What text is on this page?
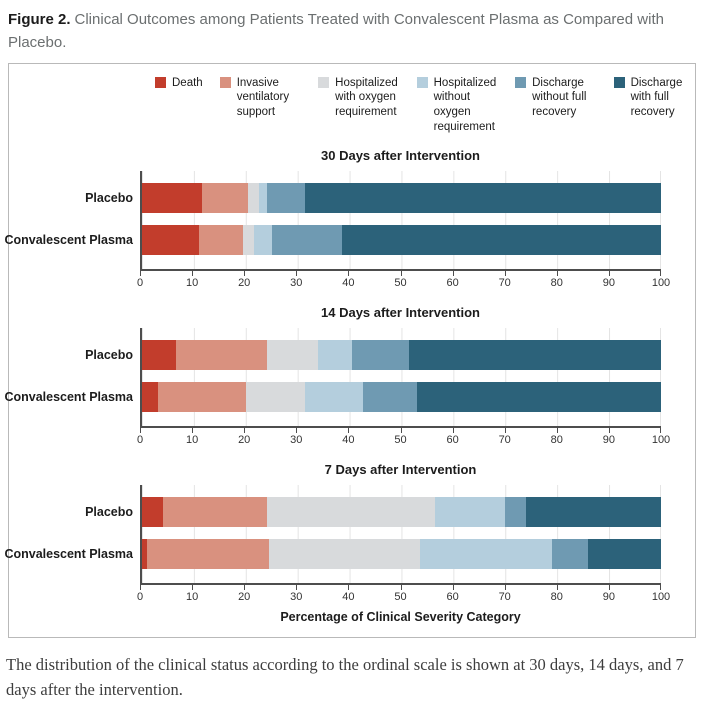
Figure 2. Clinical Outcomes among Patients Treated with Convalescent Plasma as Compared with Placebo.
Death	Invasive ventilatory support
Hospitalized with oxygen requirement
Hospitalized without oxygen requirement
Discharge without full recovery
Discharge with full recovery
30 Days after Intervention
Placebo
Convalescent Plasma
0	10	20	30	40	50	60	70	80	90	100
14 Days after Intervention
Placebo
Convalescent Plasma
0	10	20	30	40	50	60	70	80	90	100
7 Days after Intervention
Placebo
Convalescent Plasma
0	10	20	30	40	50	60	70	80	90	100
Percentage of Clinical Severity Category
The distribution of the clinical status according to the ordinal scale is shown at 30 days, 14 days, and 7 days after the intervention.
